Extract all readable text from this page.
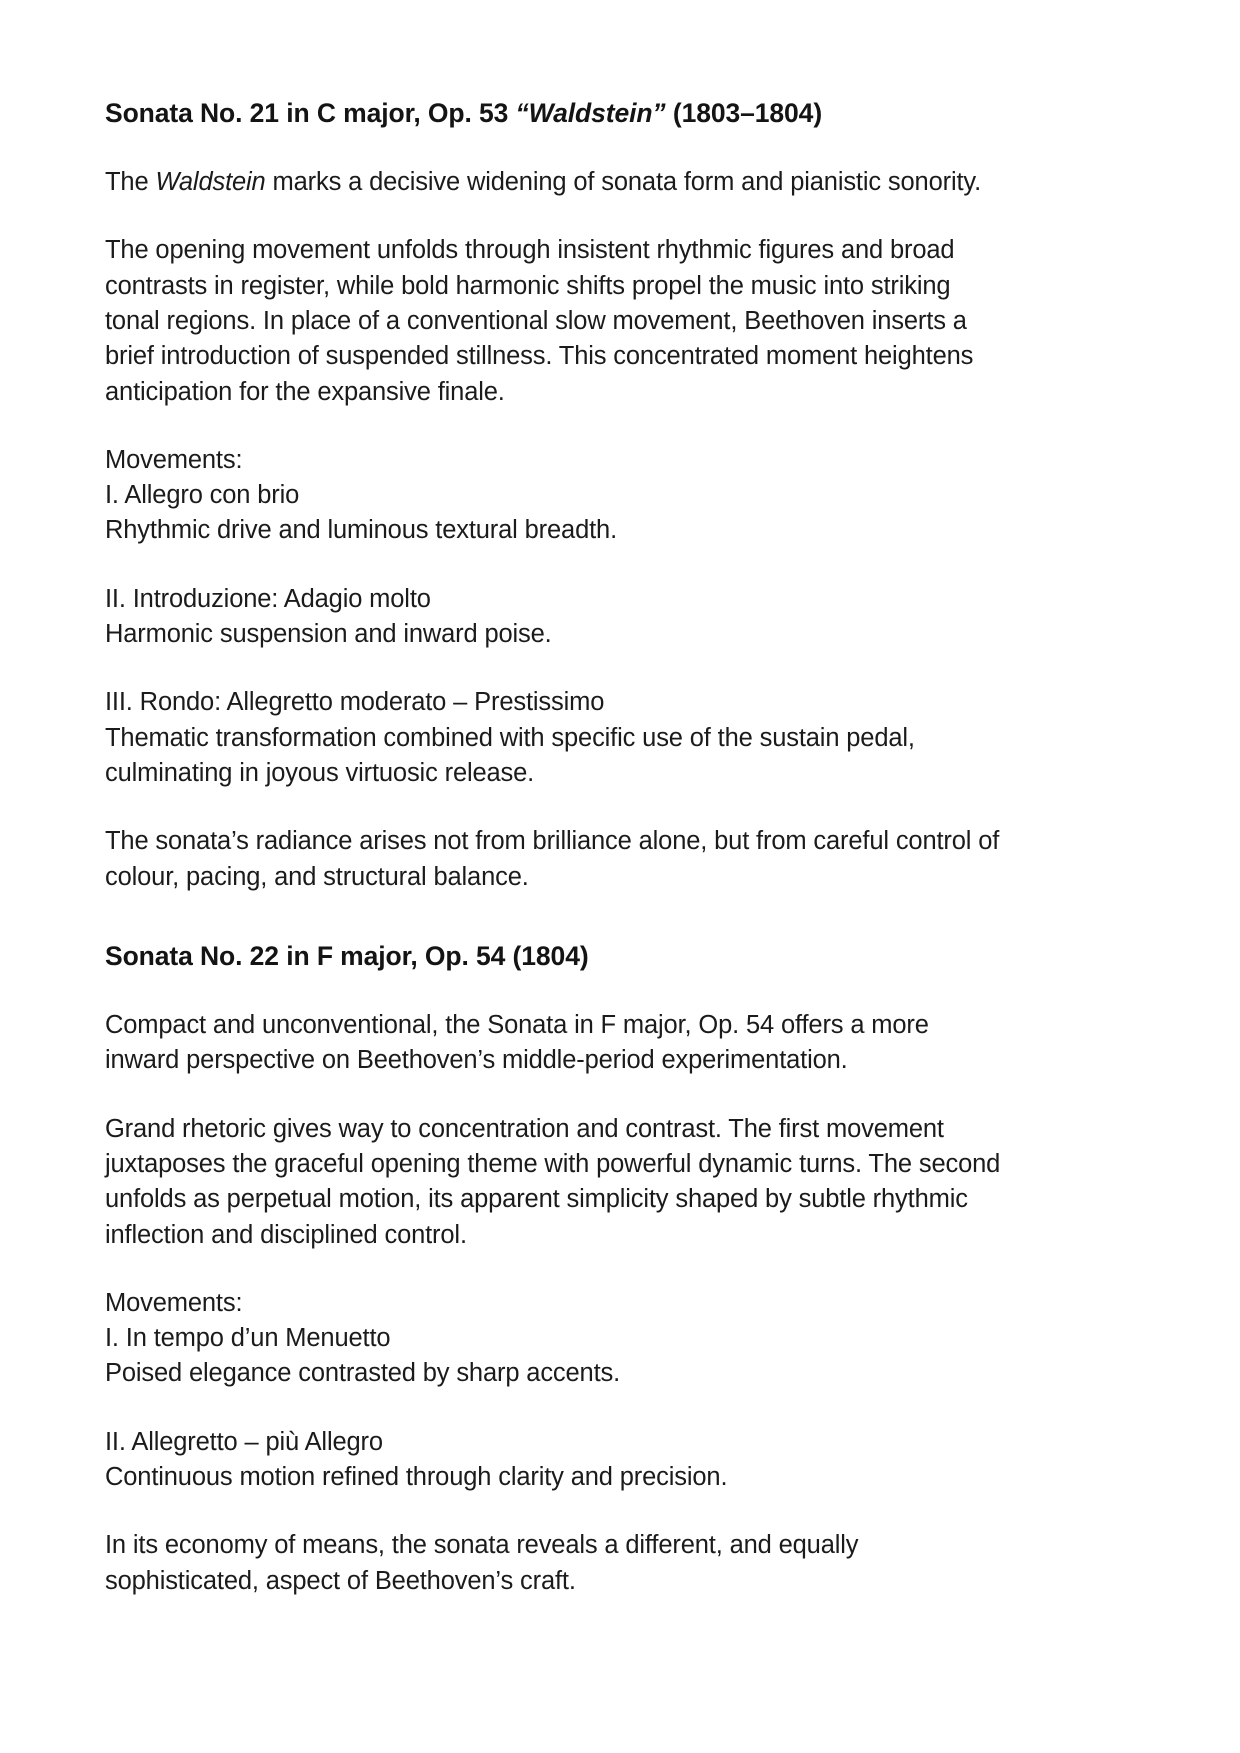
Sonata No. 21 in C major, Op. 53 “Waldstein” (1803–1804)

The Waldstein marks a decisive widening of sonata form and pianistic sonority.

The opening movement unfolds through insistent rhythmic figures and broad contrasts in register, while bold harmonic shifts propel the music into striking tonal regions. In place of a conventional slow movement, Beethoven inserts a brief introduction of suspended stillness. This concentrated moment heightens anticipation for the expansive finale.

Movements:
I. Allegro con brio
Rhythmic drive and luminous textural breadth.
II. Introduzione: Adagio molto
Harmonic suspension and inward poise.
III. Rondo: Allegretto moderato – Prestissimo
Thematic transformation combined with specific use of the sustain pedal, culminating in joyous virtuosic release.

The sonata’s radiance arises not from brilliance alone, but from careful control of colour, pacing, and structural balance.

Sonata No. 22 in F major, Op. 54 (1804)

Compact and unconventional, the Sonata in F major, Op. 54 offers a more inward perspective on Beethoven’s middle-period experimentation.

Grand rhetoric gives way to concentration and contrast. The first movement juxtaposes the graceful opening theme with powerful dynamic turns. The second unfolds as perpetual motion, its apparent simplicity shaped by subtle rhythmic inflection and disciplined control.

Movements:
I. In tempo d’un Menuetto
Poised elegance contrasted by sharp accents.
II. Allegretto – più Allegro
Continuous motion refined through clarity and precision.

In its economy of means, the sonata reveals a different, and equally sophisticated, aspect of Beethoven’s craft.
